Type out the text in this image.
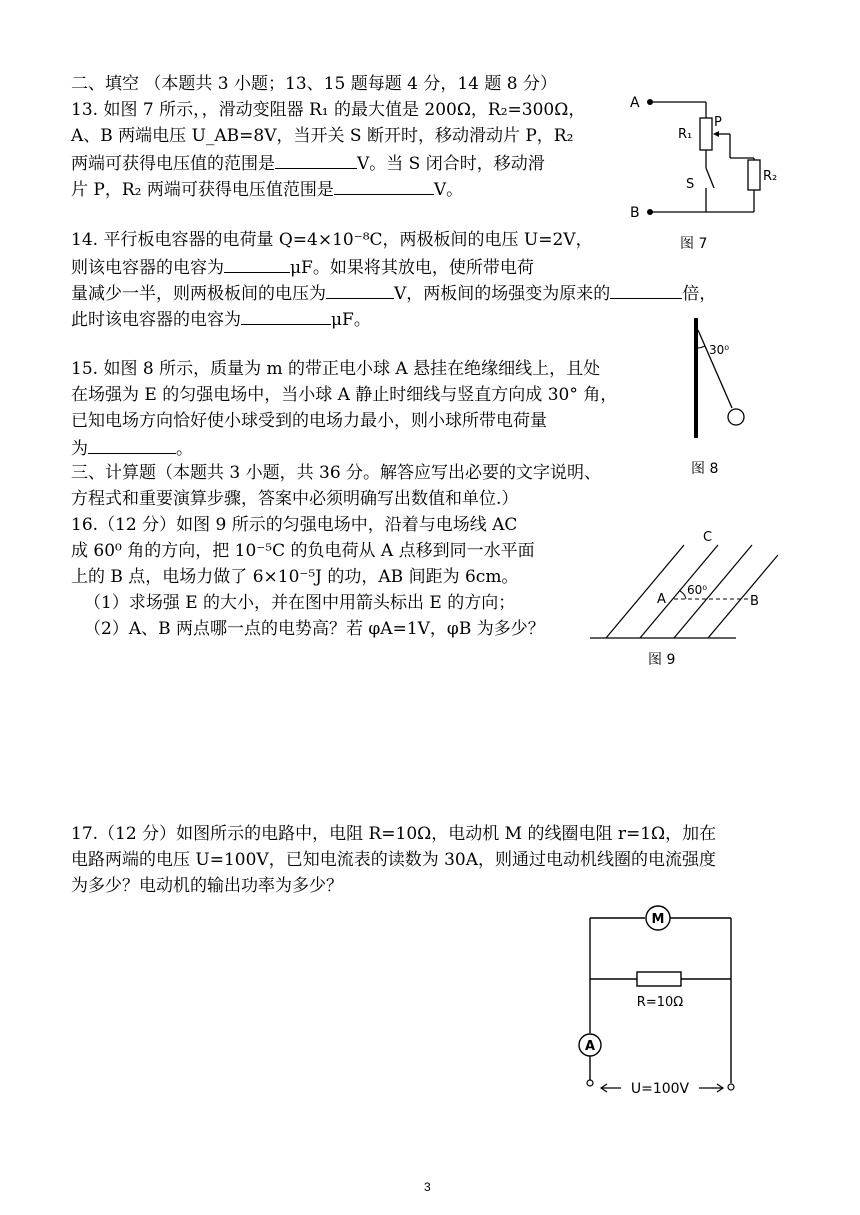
二、填空 （本题共 3 小题；13、15 题每题 4 分，14 题 8 分）
13. 如图 7 所示，，滑动变阻器 R₁ 的最大值是 200Ω，R₂=300Ω，
A、B 两端电压 U_AB=8V，当开关 S 断开时，移动滑动片 P，R₂
两端可获得电压值的范围是	V。当 S 闭合时，移动滑
片 P，R₂ 两端可获得电压值范围是	V。
A
R₁
P
S
R₂
B
图 7
14. 平行板电容器的电荷量 Q=4×10⁻⁸C，两极板间的电压 U=2V，
则该电容器的电容为	μF。如果将其放电，使所带电荷
量减少一半，则两极板间的电压为	V，两板间的场强变为原来的	倍，
此时该电容器的电容为	μF。
15. 如图 8 所示，质量为 m 的带正电小球 A 悬挂在绝缘细线上，且处
在场强为 E 的匀强电场中，当小球 A 静止时细线与竖直方向成 30° 角，
已知电场方向恰好使小球受到的电场力最小，则小球所带电荷量
为	。
30⁰
图 8
三、计算题（本题共 3 小题，共 36 分。解答应写出必要的文字说明、
方程式和重要演算步骤，答案中必须明确写出数值和单位.）
16.（12 分）如图 9 所示的匀强电场中，沿着与电场线 AC
成 60⁰ 角的方向，把 10⁻⁵C 的负电荷从 A 点移到同一水平面
上的 B 点，电场力做了 6×10⁻⁵J 的功，AB 间距为 6cm。
（1）求场强 E 的大小，并在图中用箭头标出 E 的方向；
（2）A、B 两点哪一点的电势高？若 φA=1V，φB 为多少？
C
A
60⁰
B
图 9
17.（12 分）如图所示的电路中，电阻 R=10Ω，电动机 M 的线圈电阻 r=1Ω，加在
电路两端的电压 U=100V，已知电流表的读数为 30A，则通过电动机线圈的电流强度
为多少？电动机的输出功率为多少？
M
R=10Ω
A
U=100V
3
